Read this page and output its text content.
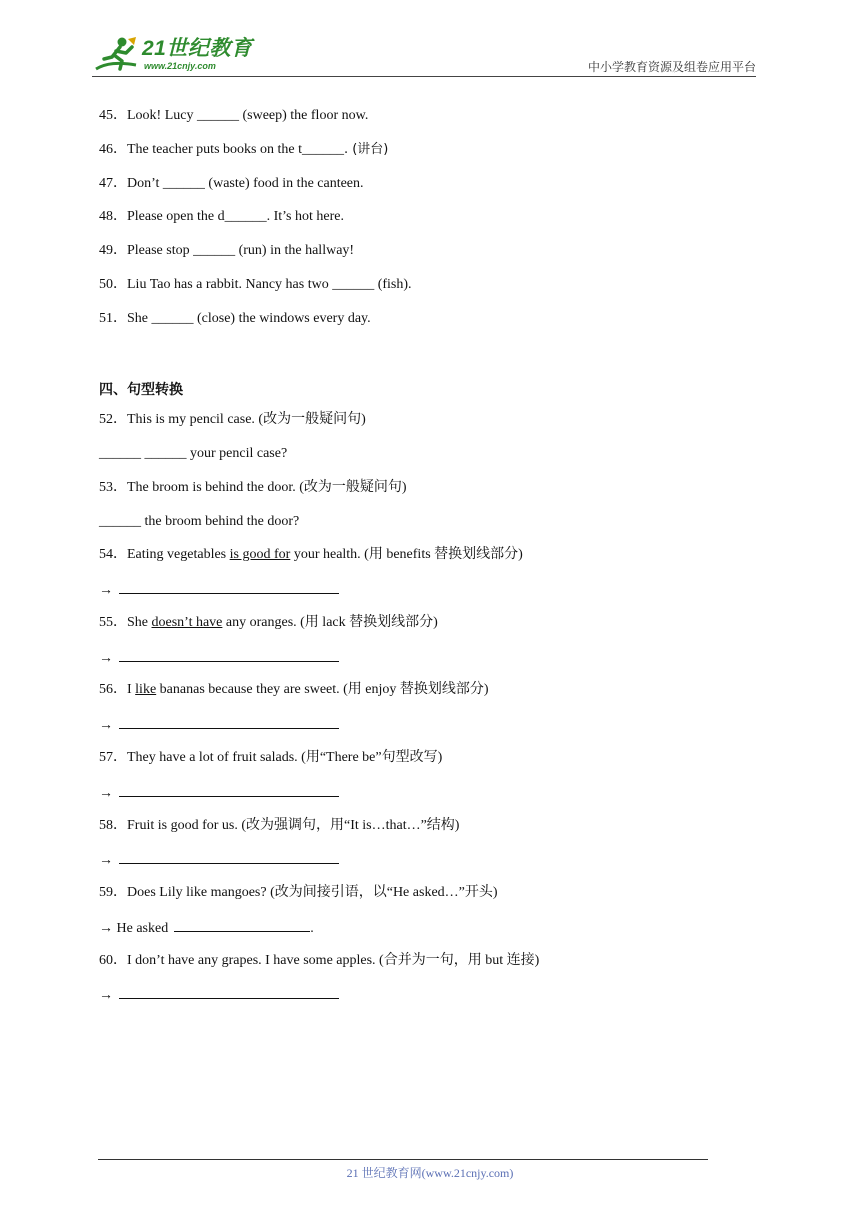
21世纪教育
www.21cnjy.com	中小学教育资源及组卷应用平台
45．Look! Lucy ______ (sweep) the floor now.
46．The teacher puts books on the t______. (讲台)
47．Don’t ______ (waste) food in the canteen.
48．Please open the d______. It’s hot here.
49．Please stop ______ (run) in the hallway!
50．Liu Tao has a rabbit. Nancy has two ______ (fish).
51．She ______ (close) the windows every day.
四、句型转换
52．This is my pencil case. (改为一般疑问句)
______ ______ your pencil case?
53．The broom is behind the door. (改为一般疑问句)
______ the broom behind the door?
54．Eating vegetables is good for your health. (用 benefits 替换划线部分)
→
55．She doesn’t have any oranges. (用 lack 替换划线部分)
→
56．I like bananas because they are sweet. (用 enjoy 替换划线部分)
→
57．They have a lot of fruit salads. (用“There be”句型改写)
→
58．Fruit is good for us. (改为强调句，用“It is…that…”结构)
→
59．Does Lily like mangoes? (改为间接引语，以“He asked…”开头)
→ He asked	.
60．I don’t have any grapes. I have some apples. (合并为一句，用 but 连接)
→
21 世纪教育网(www.21cnjy.com)
